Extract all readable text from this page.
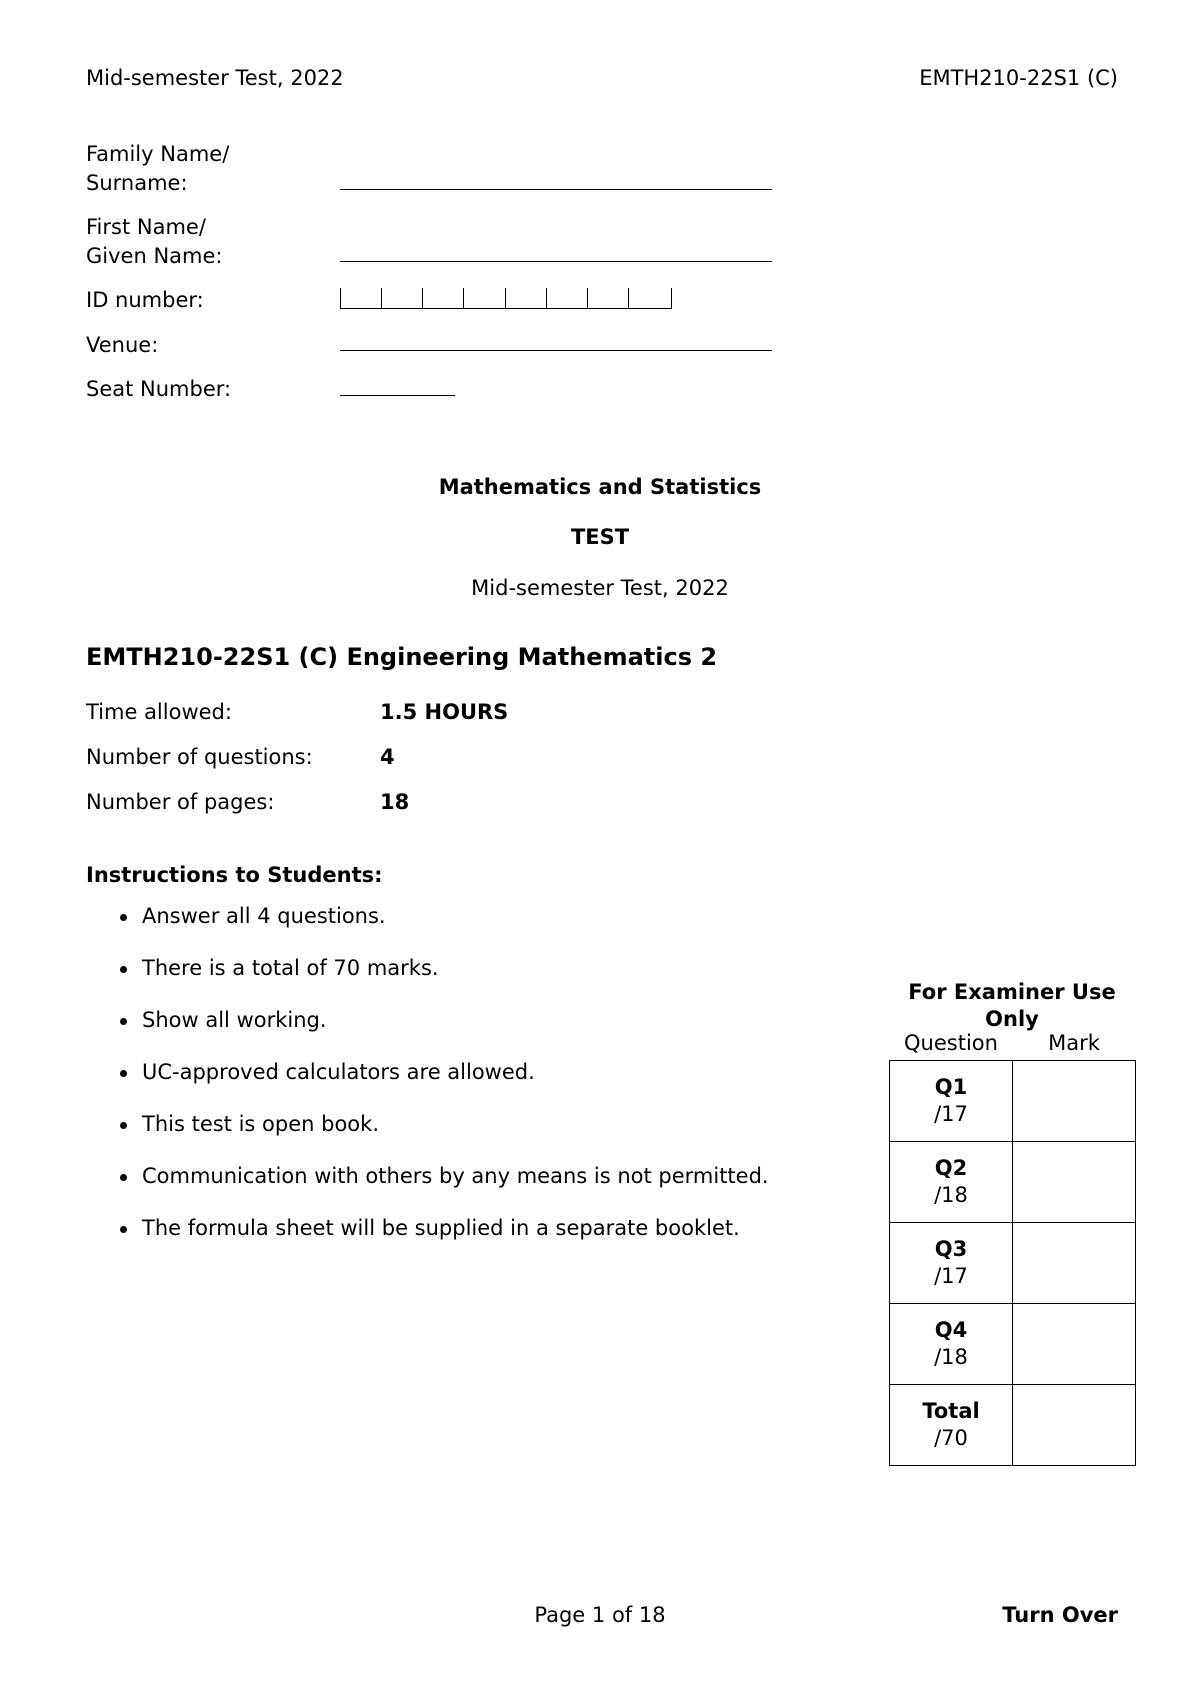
Mid-semester Test, 2022	EMTH210-22S1 (C)
Family Name/
Surname:
First Name/
Given Name:
ID number:
Venue:
Seat Number:
Mathematics and Statistics
TEST
Mid-semester Test, 2022
EMTH210-22S1 (C) Engineering Mathematics 2
Time allowed:	1.5 HOURS
Number of questions:	4
Number of pages:	18
Instructions to Students:
Answer all 4 questions.
There is a total of 70 marks.
Show all working.
UC-approved calculators are allowed.
This test is open book.
Communication with others by any means is not permitted.
The formula sheet will be supplied in a separate booklet.
For Examiner Use Only
Question	Mark
Q1
/17	

Q2
/18	

Q3
/17	

Q4
/18	

Total
/70	

Page 1 of 18	Turn Over
